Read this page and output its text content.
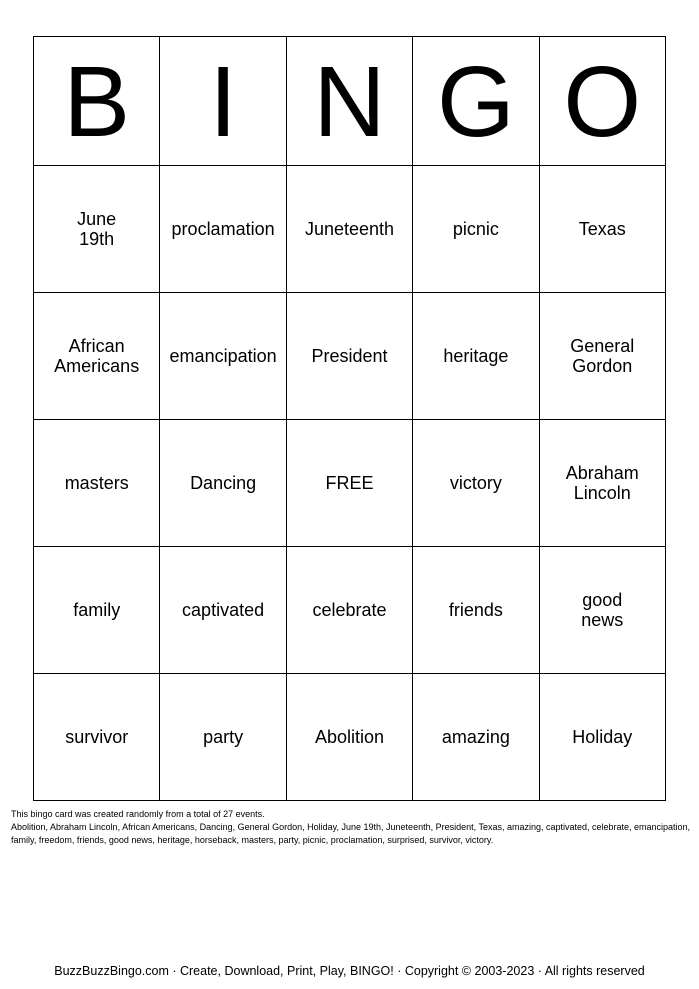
B	I	N	G	O
June 19th	proclamation	Juneteenth	picnic	Texas
African Americans	emancipation	President	heritage	General Gordon
masters	Dancing	FREE	victory	Abraham Lincoln
family	captivated	celebrate	friends	good news
survivor	party	Abolition	amazing	Holiday
This bingo card was created randomly from a total of 27 events.
Abolition, Abraham Lincoln, African Americans, Dancing, General Gordon, Holiday, June 19th, Juneteenth, President, Texas, amazing, captivated, celebrate, emancipation, family, freedom, friends, good news, heritage, horseback, masters, party, picnic, proclamation, surprised, survivor, victory.
BuzzBuzzBingo.com · Create, Download, Print, Play, BINGO! · Copyright © 2003-2023 · All rights reserved
